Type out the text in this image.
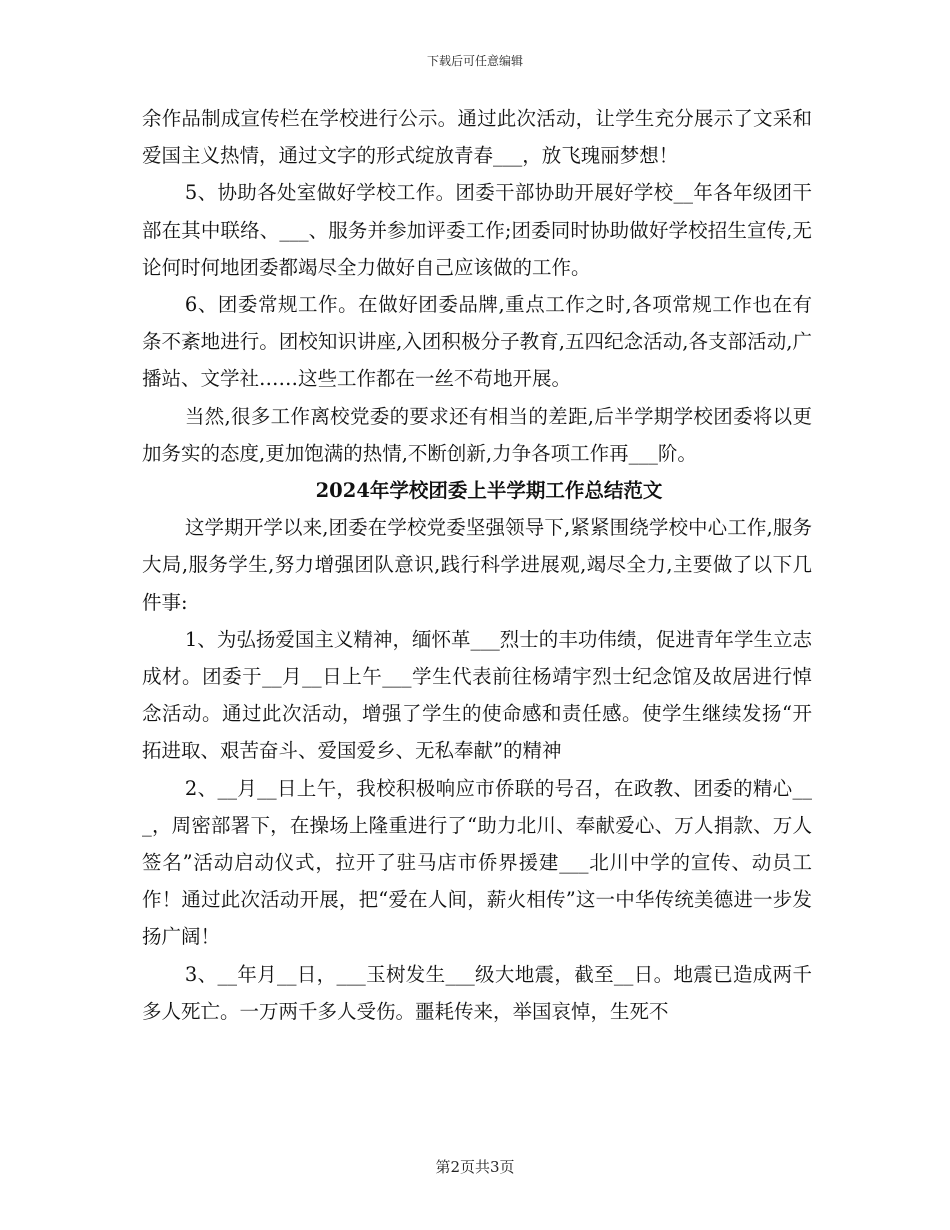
下载后可任意编辑

余作品制成宣传栏在学校进行公示。通过此次活动，让学生充分展示了文采和爱国主义热情，通过文字的形式绽放青春___，放飞瑰丽梦想！

5、协助各处室做好学校工作。团委干部协助开展好学校__年各年级团干部在其中联络、___、服务并参加评委工作;团委同时协助做好学校招生宣传,无论何时何地团委都竭尽全力做好自己应该做的工作。

6、团委常规工作。在做好团委品牌,重点工作之时,各项常规工作也在有条不紊地进行。团校知识讲座,入团积极分子教育,五四纪念活动,各支部活动,广播站、文学社……这些工作都在一丝不苟地开展。

当然,很多工作离校党委的要求还有相当的差距,后半学期学校团委将以更加务实的态度,更加饱满的热情,不断创新,力争各项工作再___阶。

2024年学校团委上半学期工作总结范文

这学期开学以来,团委在学校党委坚强领导下,紧紧围绕学校中心工作,服务大局,服务学生,努力增强团队意识,践行科学进展观,竭尽全力,主要做了以下几件事:

1、为弘扬爱国主义精神，缅怀革___烈士的丰功伟绩，促进青年学生立志成材。团委于__月__日上午___学生代表前往杨靖宇烈士纪念馆及故居进行悼念活动。通过此次活动，增强了学生的使命感和责任感。使学生继续发扬“开拓进取、艰苦奋斗、爱国爱乡、无私奉献”的精神

2、__月__日上午，我校积极响应市侨联的号召，在政教、团委的精心___，周密部署下，在操场上隆重进行了“助力北川、奉献爱心、万人捐款、万人签名”活动启动仪式，拉开了驻马店市侨界援建___北川中学的宣传、动员工作！通过此次活动开展，把“爱在人间，薪火相传”这一中华传统美德进一步发扬广阔！

3、__年月__日，___玉树发生___级大地震，截至__日。地震已造成两千多人死亡。一万两千多人受伤。噩耗传来，举国哀悼，生死不

第2页共3页
